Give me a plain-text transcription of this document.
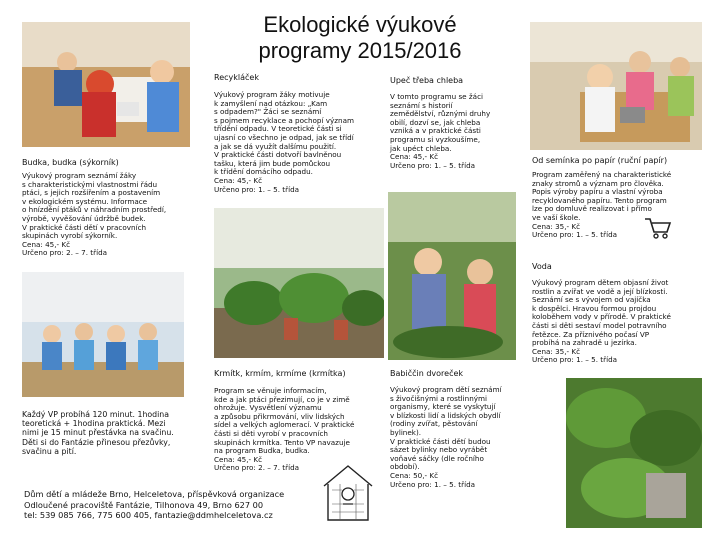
Ekologické výukové
programy 2015/2016
Recykláček

Výukový program žáky motivuje

k zamyšlení nad otázkou: „Kam

s odpadem?" Žáci se seznámí

s pojmem recyklace a pochopí význam

třídění odpadu. V teoretické části si

ujasní co všechno je odpad, jak se třídí

a jak se dá využít dalšímu použití.

V praktické části dotvoří bavlněnou

tašku, která jim bude pomůckou

k třídění domácího odpadu.

Cena: 45,- Kč

Určeno pro: 1. – 5. třída

Upeč třeba chleba

V tomto programu se žáci

seznámí s historií

zemědělství, různými druhy

obilí, dozví se, jak chleba

vzniká a v praktické části

programu si vyzkoušíme,

jak upéct chleba.

Cena: 45,- Kč

Určeno pro: 1. – 5. třída

Budka, budka (sýkorník)

Výukový program seznámí žáky

s charakteristickými vlastnostmi řádu

ptáci, s jejich rozšířením a postavením

v ekologickém systému. Informace

o hnízdění ptáků v náhradním prostředí,

výrobě, vyvěšování údržbě budek.

V praktické části dětí v pracovních

skupinách vyrobí sýkorník.

Cena: 45,- Kč

Určeno pro: 2. – 7. třída

Od semínka po papír (ruční papír)

Program zaměřený na charakteristické

znaky stromů a význam pro člověka.

Popis výroby papíru a vlastní výroba

recyklovaného papíru. Tento program

lze po domluvě realizovat i přímo

ve vaší škole.

Cena: 35,- Kč

Určeno pro: 1. – 5. třída

Voda

Výukový program dětem objasní život

rostlin a zvířat ve vodě a její blízkosti.

Seznámí se s vývojem od vajíčka

k dospělci. Hravou formou projdou

koloběhem vody v přírodě. V praktické

části si děti sestaví model potravního

řetězce. Za příznivého počasí VP

probíhá na zahradě u jezírka.

Cena: 35,- Kč

Určeno pro: 1. – 5. třída

Krmítk, krmím, krmíme (krmítka)

Program se věnuje informacím,

kde a jak ptáci přezimují, co je v zimě

ohrožuje. Vysvětlení významu

a způsobu přikrmování, vliv lidských

sídel a velkých aglomerací. V praktické

části si děti vyrobí v pracovních

skupinách krmítka. Tento VP navazuje

na program Budka, budka.

Cena: 45,- Kč

Určeno pro: 2. – 7. třída

Babiččin dvoreček

Výukový program dětí seznámí

s živočišnými a rostlinnými

organismy, které se vyskytují

v blízkosti lidí a lidských obydlí

(rodiny zvířat, pěstování

bylinek).

V praktické části dětí budou

sázet bylinky nebo vyrábět

voňavé sáčky (dle ročního

období).

Cena: 50,- Kč

Určeno pro: 1. – 5. třída

Každý VP probíhá 120 minut. 1hodina

teoretická + 1hodina praktická. Mezi

nimi je 15 minut přestávka na svačinu.

Děti si do Fantázie přinesou přezůvky,

svačinu a pití.

Dům dětí a mládeže Brno, Helceletova, příspěvková organizace

Odloučené pracoviště Fantázie, Tilhonova 49, Brno 627 00

tel: 539 085 766, 775 600 405, fantazie@ddmhelceletova.cz
